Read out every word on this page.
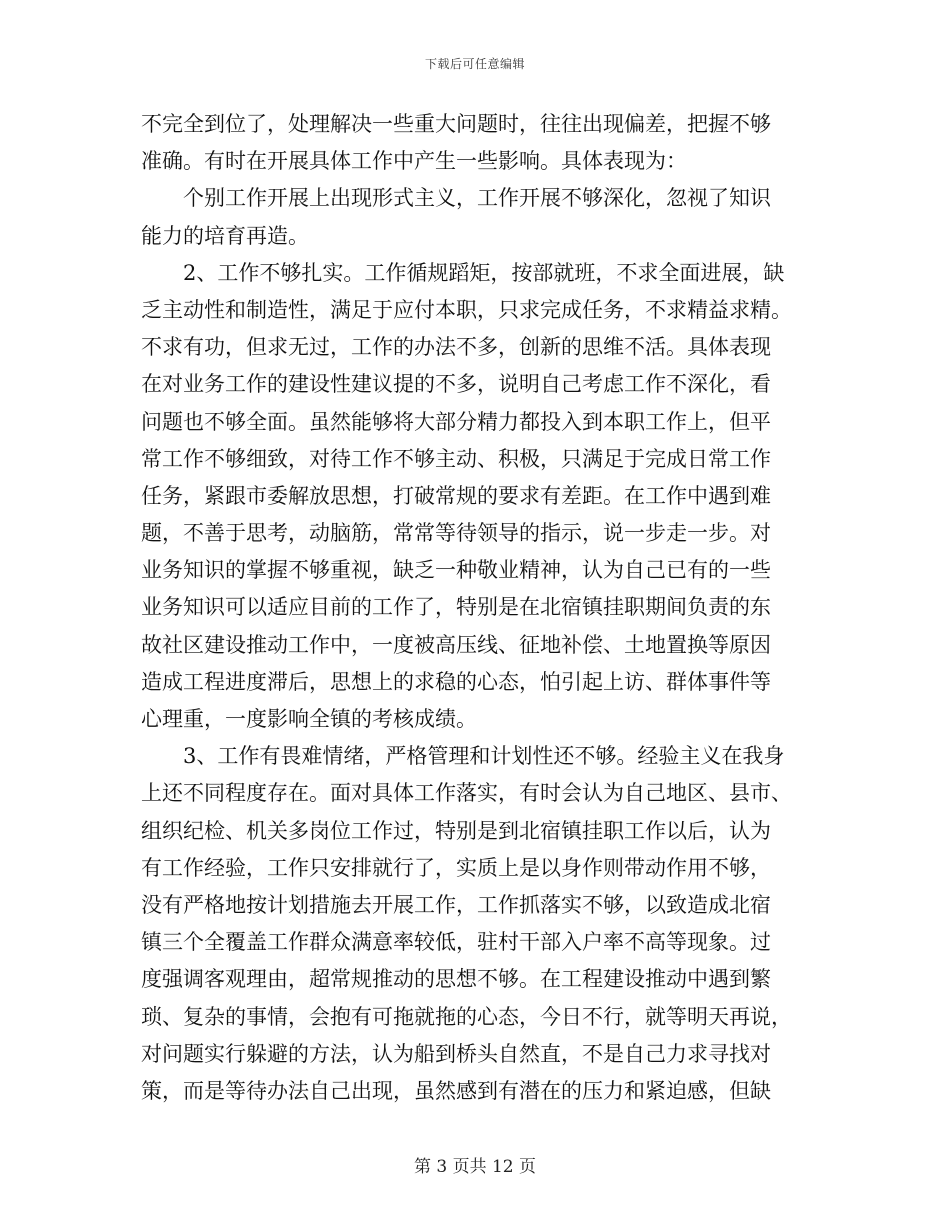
下载后可任意编辑
不完全到位了，处理解决一些重大问题时，往往出现偏差，把握不够
准确。有时在开展具体工作中产生一些影响。具体表现为：
个别工作开展上出现形式主义，工作开展不够深化，忽视了知识
能力的培育再造。
2、工作不够扎实。工作循规蹈矩，按部就班，不求全面进展，缺
乏主动性和制造性，满足于应付本职，只求完成任务，不求精益求精。
不求有功，但求无过，工作的办法不多，创新的思维不活。具体表现
在对业务工作的建设性建议提的不多，说明自己考虑工作不深化，看
问题也不够全面。虽然能够将大部分精力都投入到本职工作上，但平
常工作不够细致，对待工作不够主动、积极，只满足于完成日常工作
任务，紧跟市委解放思想，打破常规的要求有差距。在工作中遇到难
题，不善于思考，动脑筋，常常等待领导的指示，说一步走一步。对
业务知识的掌握不够重视，缺乏一种敬业精神，认为自己已有的一些
业务知识可以适应目前的工作了，特别是在北宿镇挂职期间负责的东
故社区建设推动工作中，一度被高压线、征地补偿、土地置换等原因
造成工程进度滞后，思想上的求稳的心态，怕引起上访、群体事件等
心理重，一度影响全镇的考核成绩。
3、工作有畏难情绪，严格管理和计划性还不够。经验主义在我身
上还不同程度存在。面对具体工作落实，有时会认为自己地区、县市、
组织纪检、机关多岗位工作过，特别是到北宿镇挂职工作以后，认为
有工作经验，工作只安排就行了，实质上是以身作则带动作用不够，
没有严格地按计划措施去开展工作，工作抓落实不够，以致造成北宿
镇三个全覆盖工作群众满意率较低，驻村干部入户率不高等现象。过
度强调客观理由，超常规推动的思想不够。在工程建设推动中遇到繁
琐、复杂的事情，会抱有可拖就拖的心态，今日不行，就等明天再说，
对问题实行躲避的方法，认为船到桥头自然直，不是自己力求寻找对
策，而是等待办法自己出现，虽然感到有潜在的压力和紧迫感，但缺
第 3 页共 12 页
